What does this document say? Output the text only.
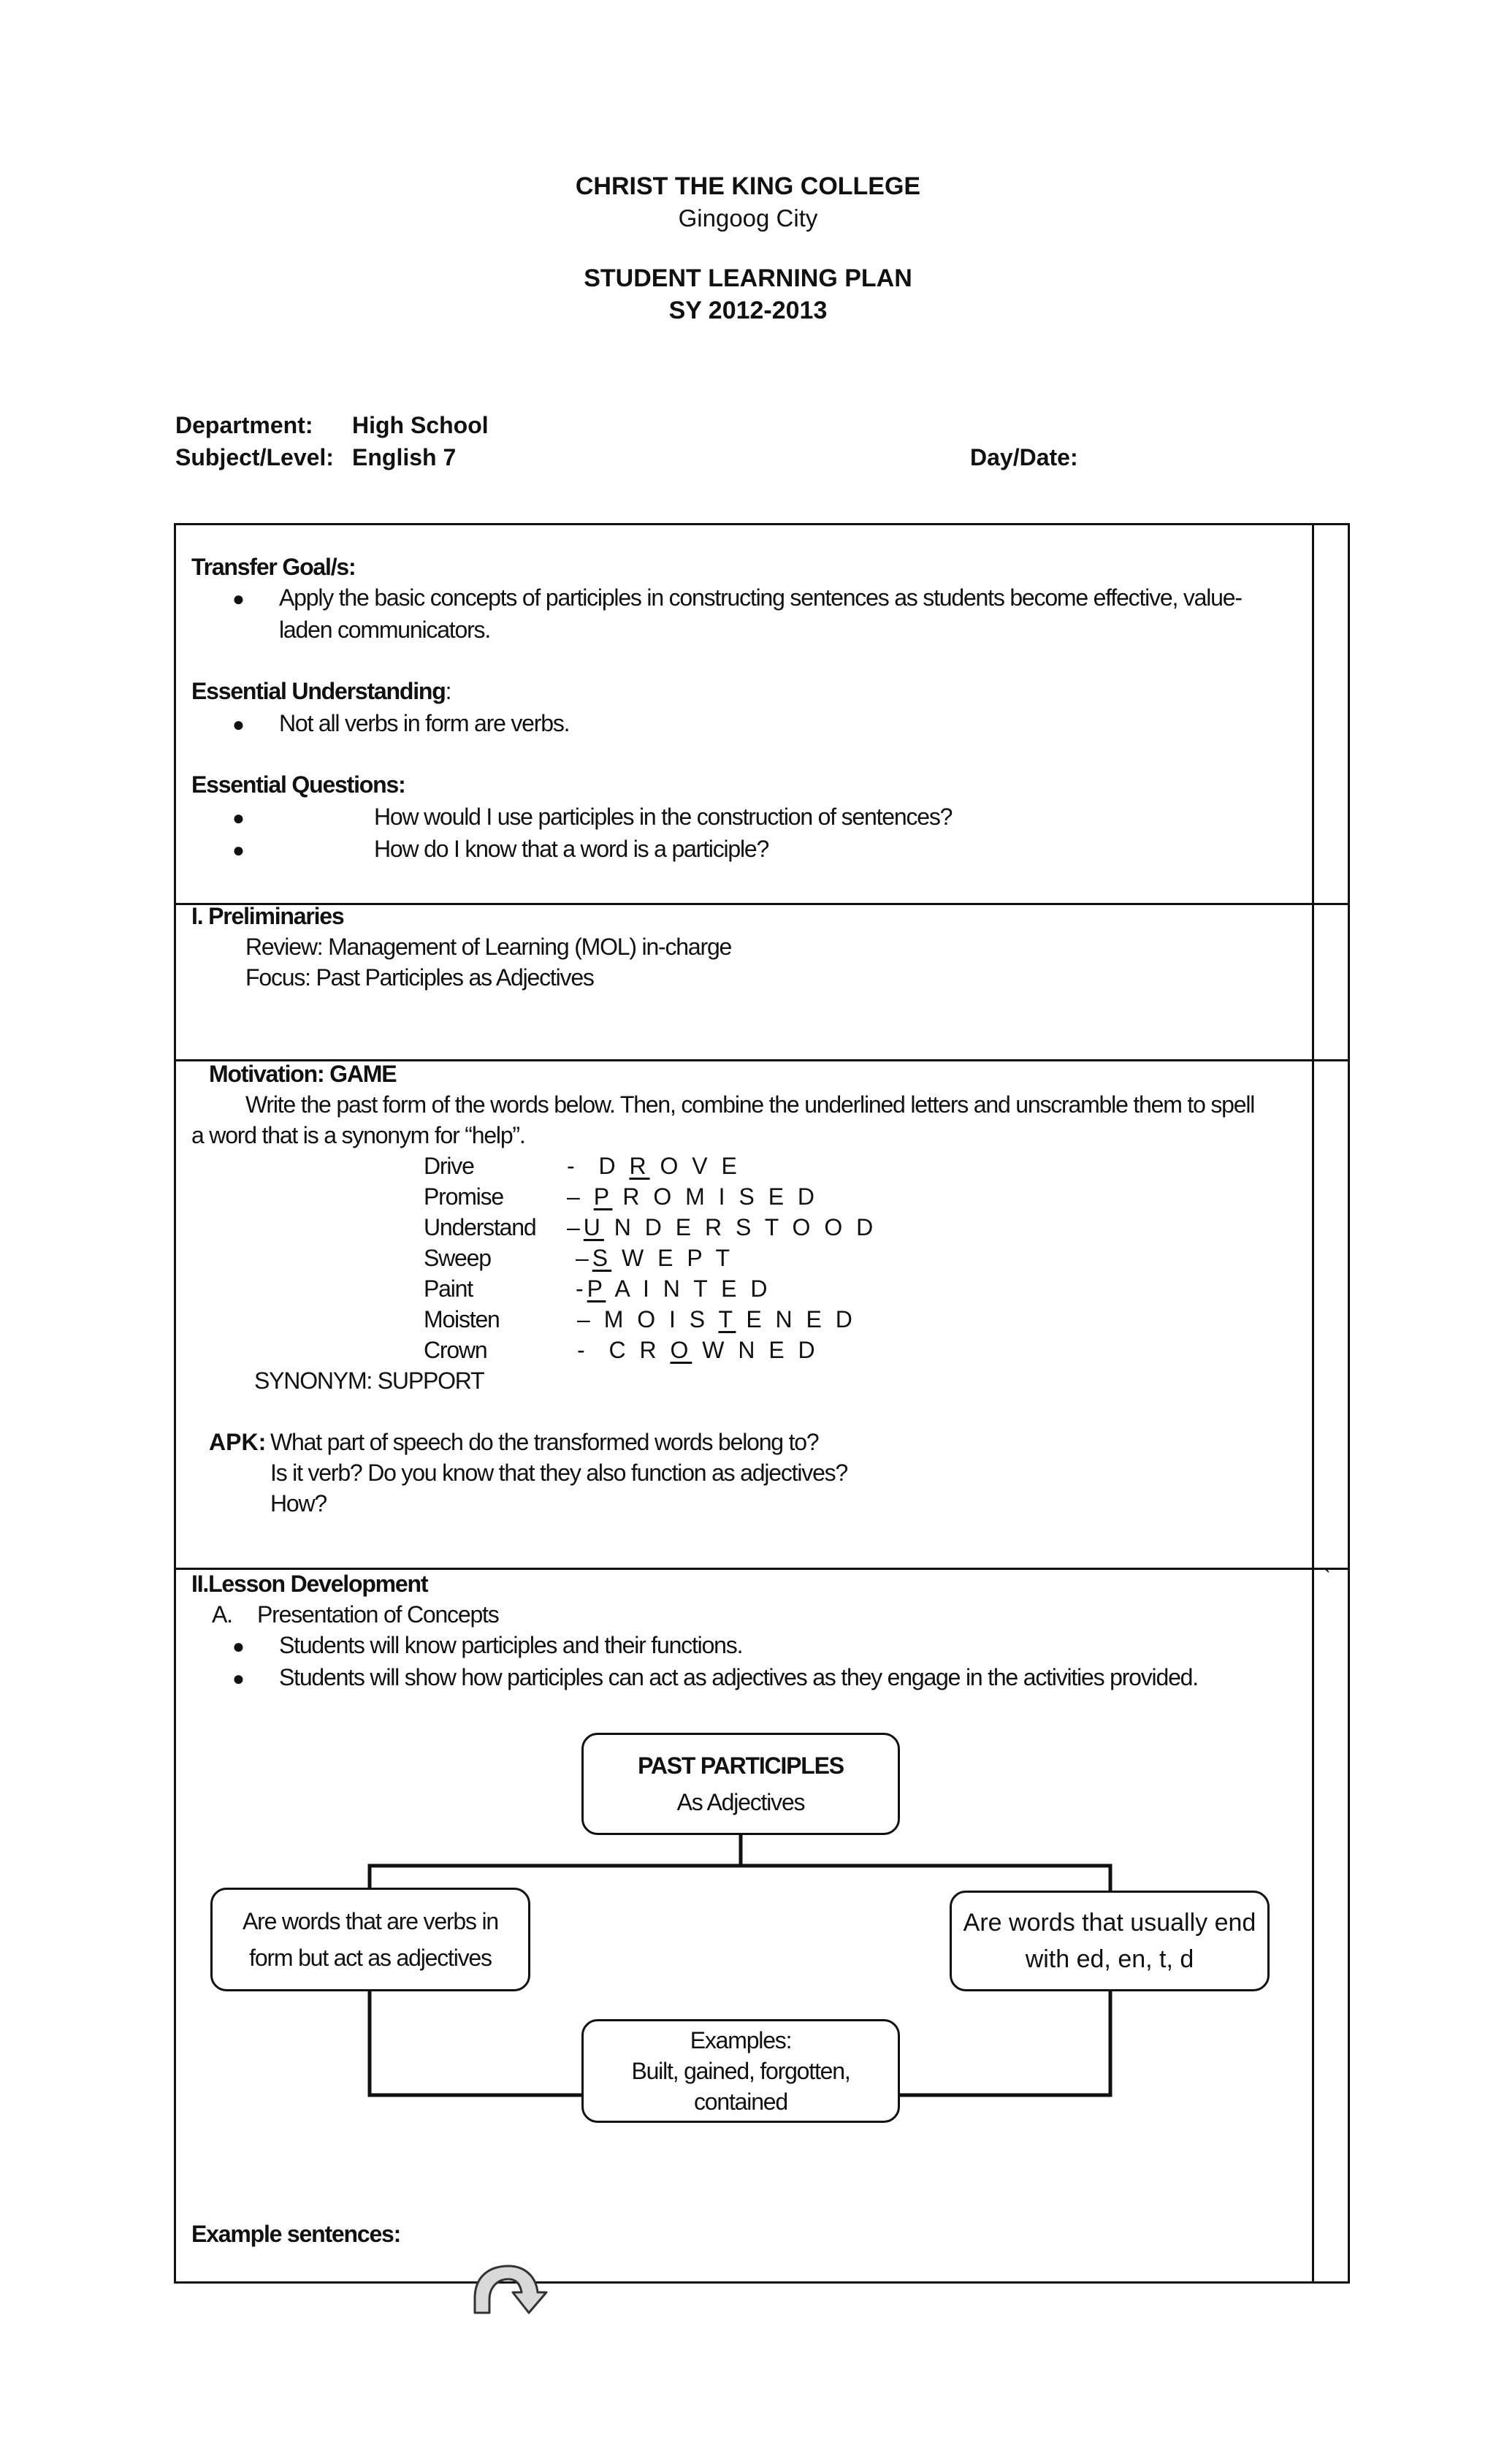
CHRIST THE KING COLLEGE
Gingoog City
STUDENT LEARNING PLAN
SY 2012-2013
Department: High School
Subject/Level: English 7	Day/Date:
Transfer Goal/s:
● Apply the basic concepts of participles in constructing sentences as students become effective, value-
laden communicators.
Essential Understanding:
● Not all verbs in form are verbs.
Essential Questions:
●	How would I use participles in the construction of sentences?
●	How do I know that a word is a participle?
I. Preliminaries
Review: Management of Learning (MOL) in-charge
Focus: Past Participles as Adjectives
Motivation: GAME
Write the past form of the words below. Then, combine the underlined letters and unscramble them to spell
a word that is a synonym for “help”.
Drive	- D R O V E
Promise	– P R O M I S E D
Understand –U N D E R S T O O D
Sweep	–S W E P T
Paint	-P A I N T E D
Moisten	– M O I S T E N E D
Crown	- C R O W N E D
SYNONYM: SUPPORT
APK: What part of speech do the transformed words belong to?
Is it verb? Do you know that they also function as adjectives?
How?
II.Lesson Development	`
A. Presentation of Concepts
● Students will know participles and their functions.
● Students will show how participles can act as adjectives as they engage in the activities provided.
PAST PARTICIPLES
As Adjectives
Are words that are verbs in
form but act as adjectives
Are words that usually end
with ed, en, t, d
Examples:
Built, gained, forgotten,
contained
Example sentences:
